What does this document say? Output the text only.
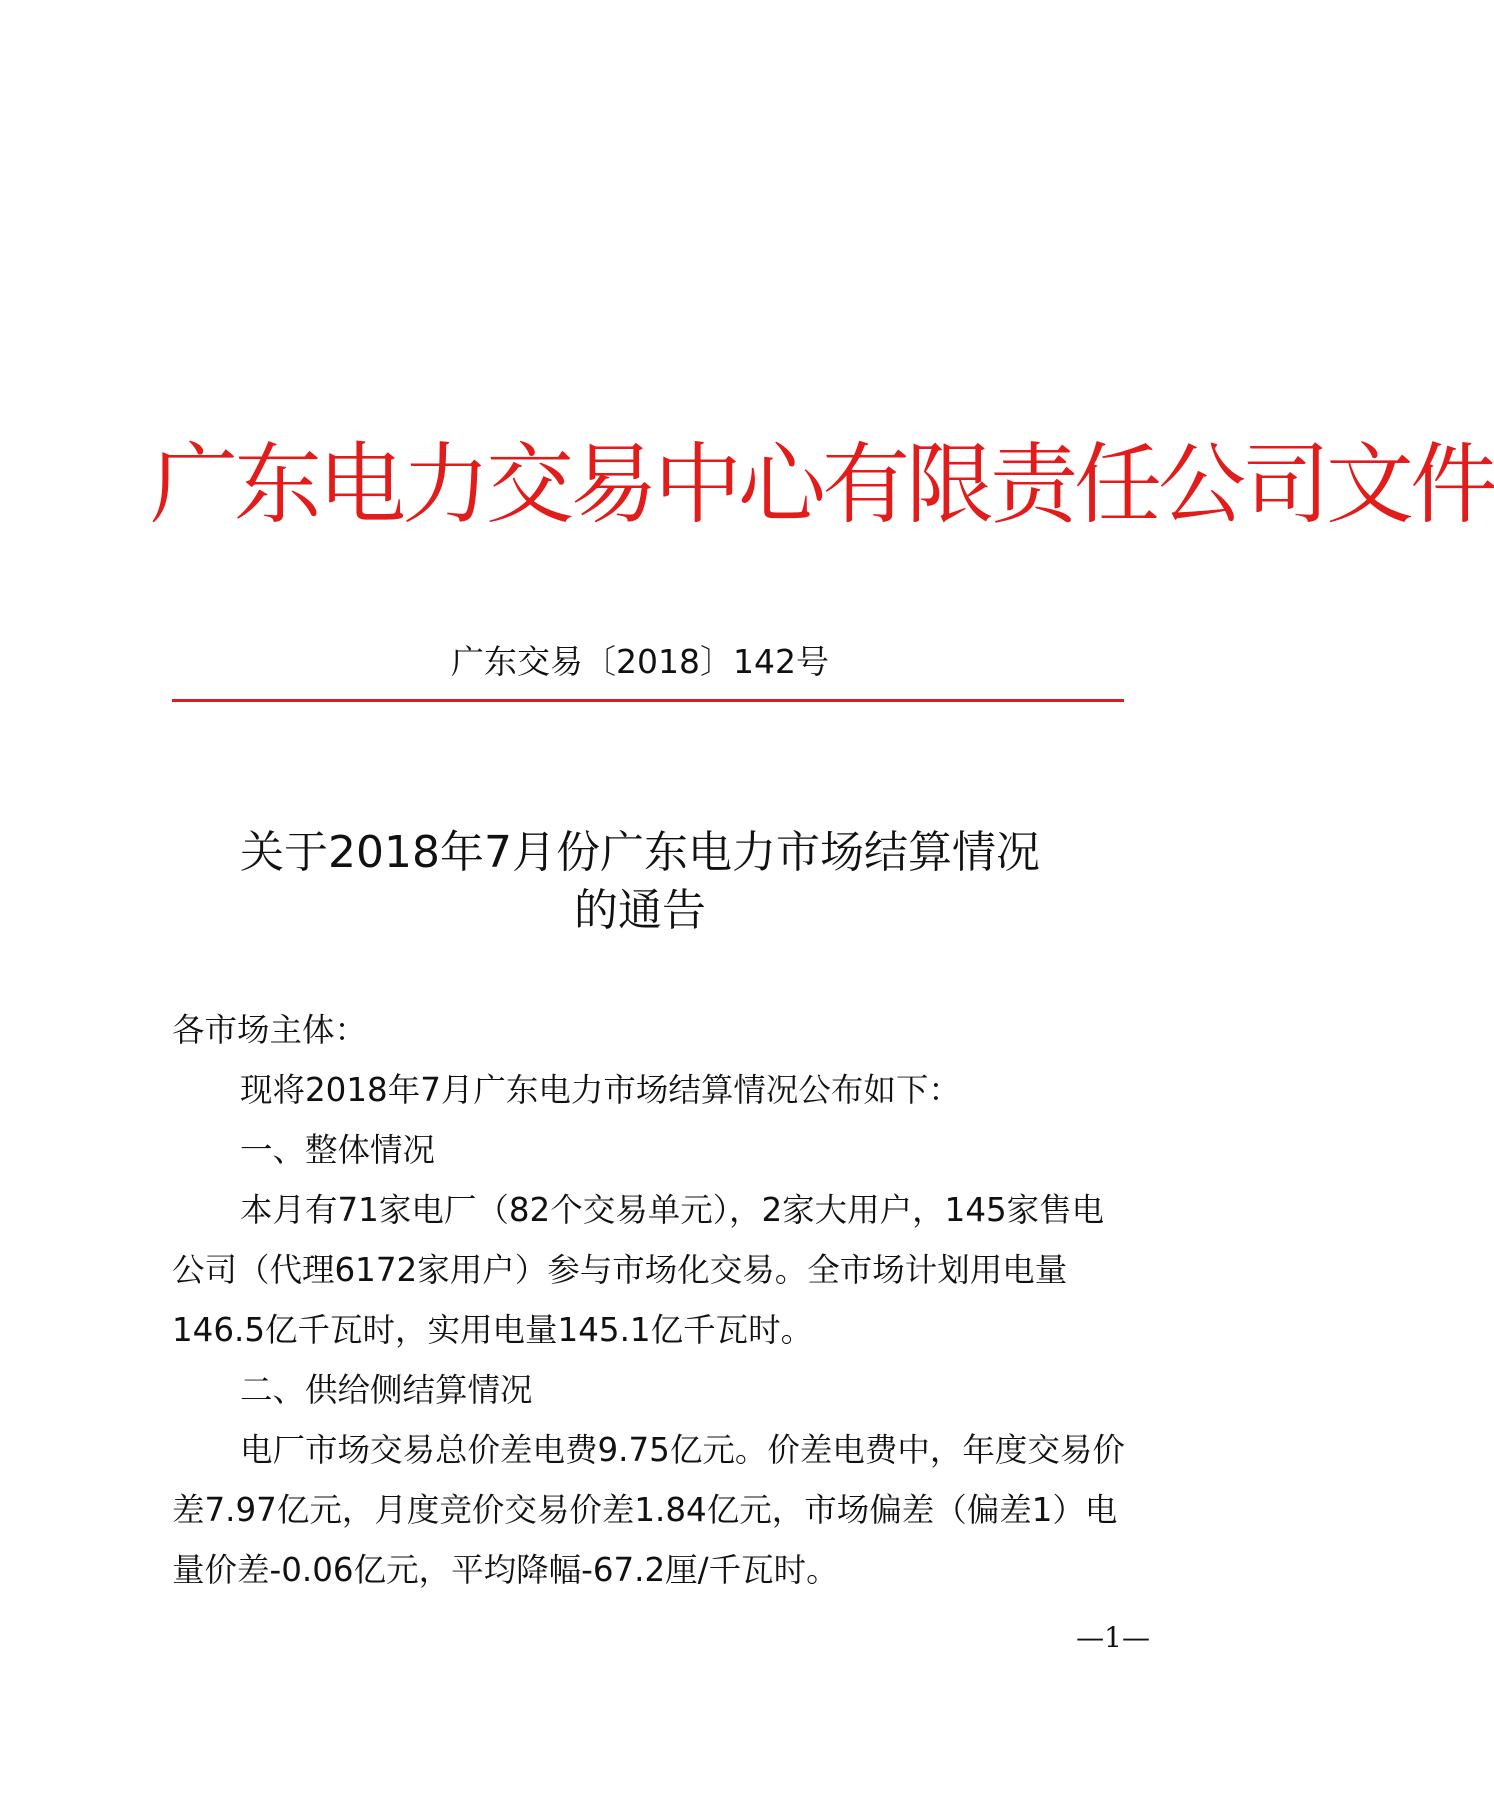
广东电力交易中心有限责任公司文件
广东交易〔2018〕142号
关于2018年7月份广东电力市场结算情况
的通告

各市场主体：

现将2018年7月广东电力市场结算情况公布如下：

一、整体情况

本月有71家电厂（82个交易单元），2家大用户，145家售电公司（代理6172家用户）参与市场化交易。全市场计划用电量146.5亿千瓦时，实用电量145.1亿千瓦时。

二、供给侧结算情况

电厂市场交易总价差电费9.75亿元。价差电费中，年度交易价差7.97亿元，月度竞价交易价差1.84亿元，市场偏差（偏差1）电量价差-0.06亿元，平均降幅-67.2厘/千瓦时。

—1—
